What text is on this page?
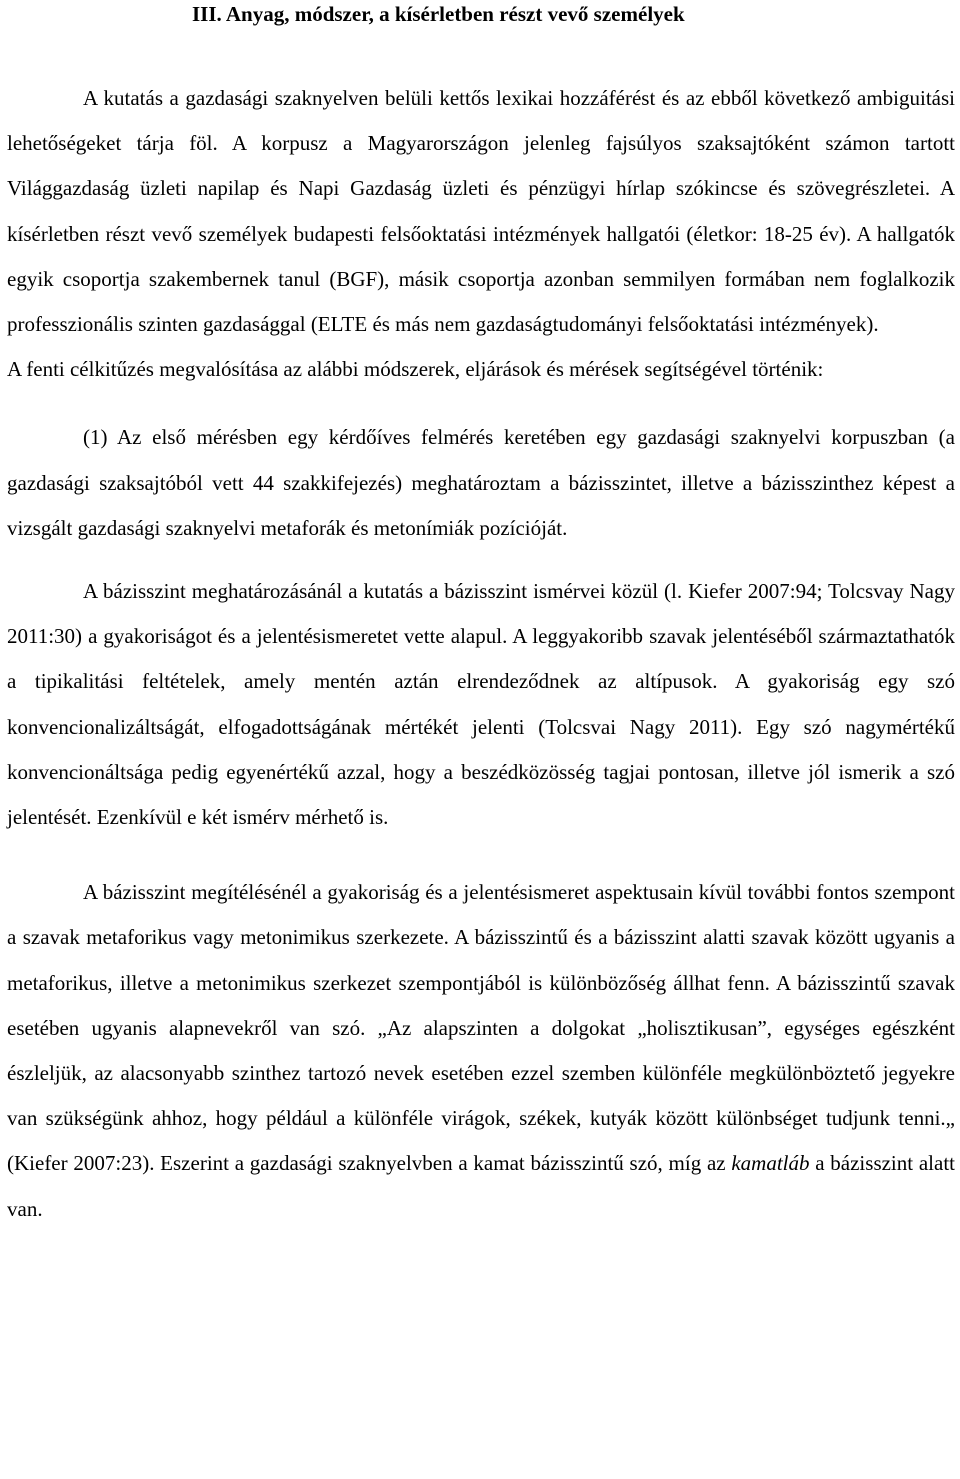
III. Anyag, módszer, a kísérletben részt vevő személyek

A kutatás a gazdasági szaknyelven belüli kettős lexikai hozzáférést és az ebből következő ambiguitási lehetőségeket tárja föl. A korpusz a Magyarországon jelenleg fajsúlyos szaksajtóként számon tartott Világgazdaság üzleti napilap és Napi Gazdaság üzleti és pénzügyi hírlap szókincse és szövegrészletei. A kísérletben részt vevő személyek budapesti felsőoktatási intézmények hallgatói (életkor: 18-25 év). A hallgatók egyik csoportja szakembernek tanul (BGF), másik csoportja azonban semmilyen formában nem foglalkozik professzionális szinten gazdasággal (ELTE és más nem gazdaságtudományi felsőoktatási intézmények).

A fenti célkitűzés megvalósítása az alábbi módszerek, eljárások és mérések segítségével történik:

(1) Az első mérésben egy kérdőíves felmérés keretében egy gazdasági szaknyelvi korpuszban (a gazdasági szaksajtóból vett 44 szakkifejezés) meghatároztam a bázisszintet, illetve a bázisszinthez képest a vizsgált gazdasági szaknyelvi metaforák és metonímiák pozícióját.

A bázisszint meghatározásánál a kutatás a bázisszint ismérvei közül (l. Kiefer 2007:94; Tolcsvay Nagy 2011:30) a gyakoriságot és a jelentésismeretet vette alapul. A leggyakoribb szavak jelentéséből származtathatók a tipikalitási feltételek, amely mentén aztán elrendeződnek az altípusok. A gyakoriság egy szó konvencionalizáltságát, elfogadottságának mértékét jelenti (Tolcsvai Nagy 2011). Egy szó nagymértékű konvencionáltsága pedig egyenértékű azzal, hogy a beszédközösség tagjai pontosan, illetve jól ismerik a szó jelentését. Ezenkívül e két ismérv mérhető is.

A bázisszint megítélésénél a gyakoriság és a jelentésismeret aspektusain kívül további fontos szempont a szavak metaforikus vagy metonimikus szerkezete. A bázisszintű és a bázisszint alatti szavak között ugyanis a metaforikus, illetve a metonimikus szerkezet szempontjából is különbözőség állhat fenn. A bázisszintű szavak esetében ugyanis alapnevekről van szó. „Az alapszinten a dolgokat „holisztikusan”, egységes egészként észleljük, az alacsonyabb szinthez tartozó nevek esetében ezzel szemben különféle megkülönböztető jegyekre van szükségünk ahhoz, hogy például a különféle virágok, székek, kutyák között különbséget tudjunk tenni.„ (Kiefer 2007:23). Eszerint a gazdasági szaknyelvben a kamat bázisszintű szó, míg az kamatláb a bázisszint alatt van.
